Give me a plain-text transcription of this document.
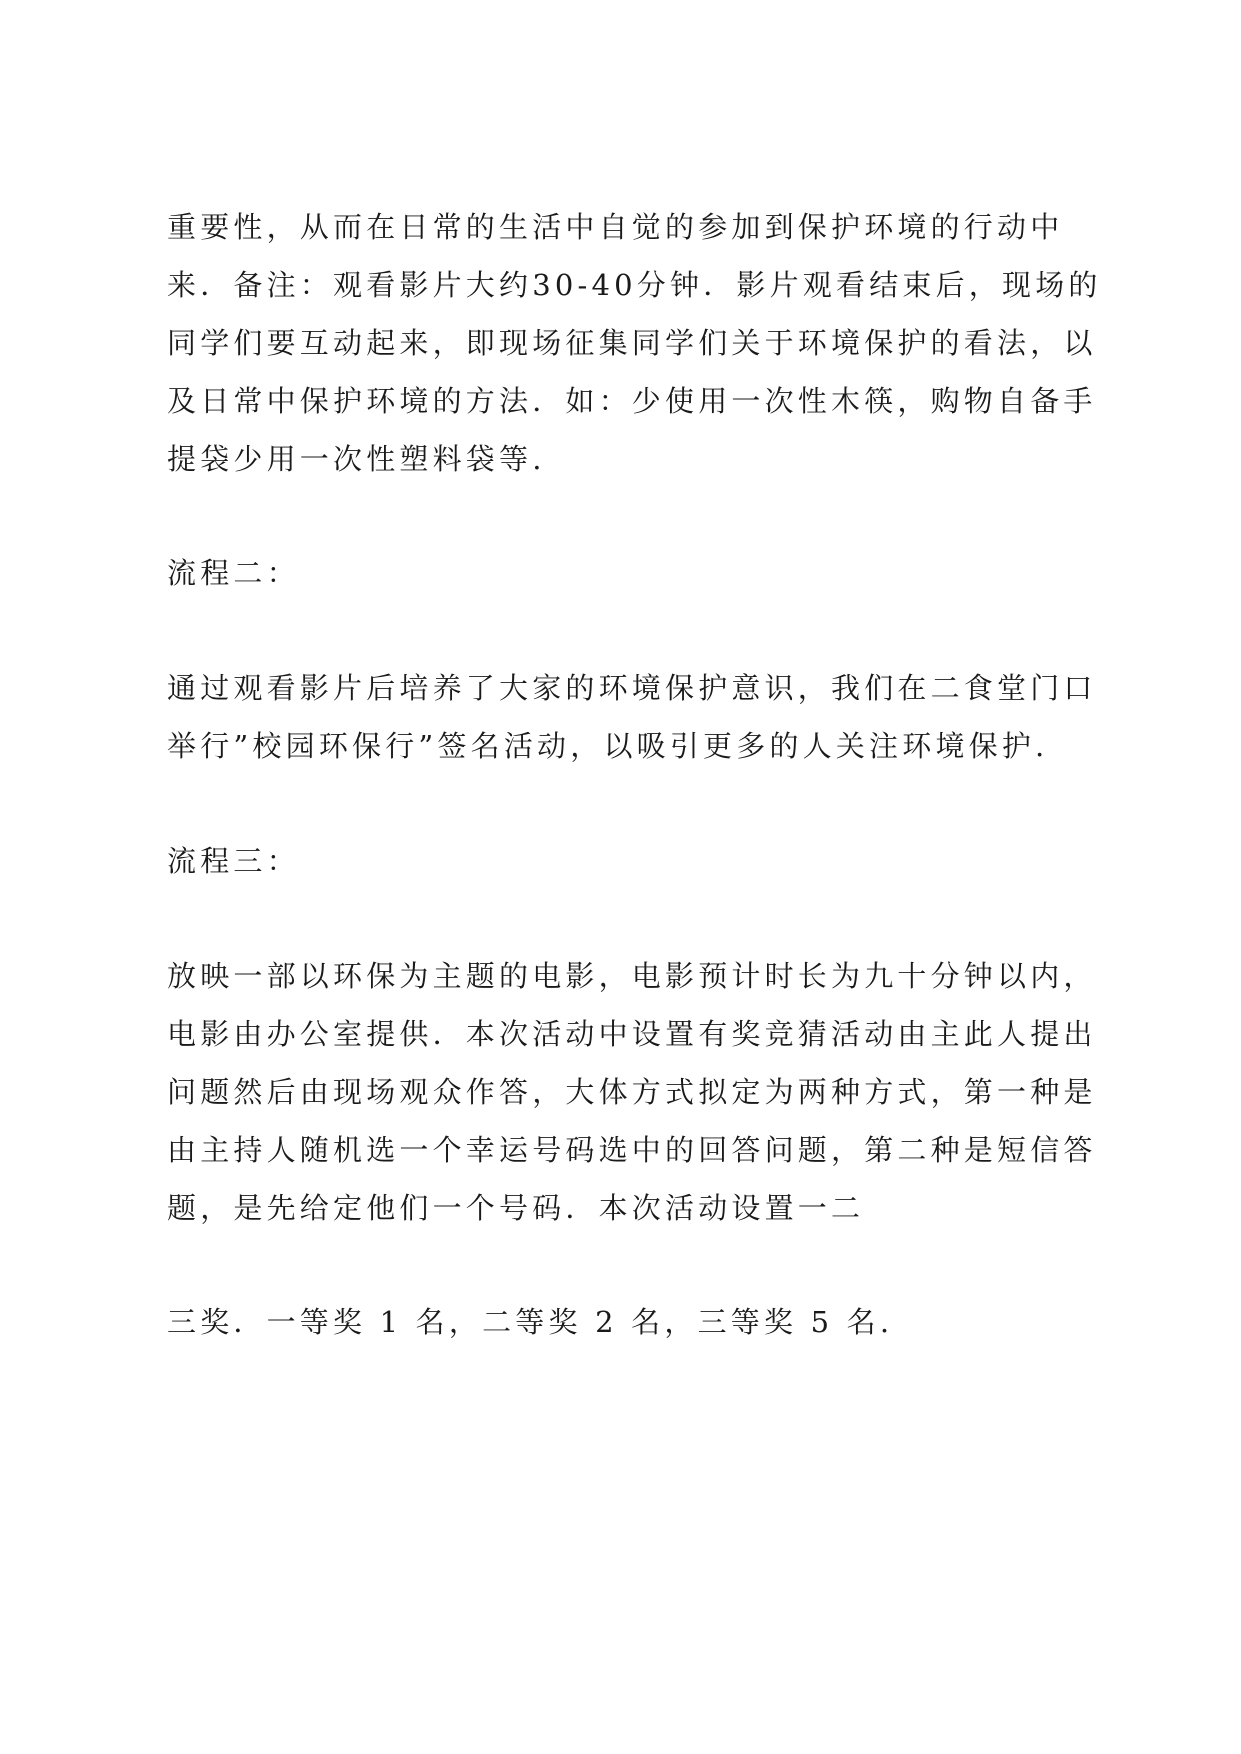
重要性，从而在日常的生活中自觉的参加到保护环境的行动中

来．备注：观看影片大约30-40分钟．影片观看结束后，现场的

同学们要互动起来，即现场征集同学们关于环境保护的看法，以

及日常中保护环境的方法．如：少使用一次性木筷，购物自备手

提袋少用一次性塑料袋等.

流程二：

通过观看影片后培养了大家的环境保护意识，我们在二食堂门口

举行”校园环保行”签名活动，以吸引更多的人关注环境保护.

流程三：

放映一部以环保为主题的电影，电影预计时长为九十分钟以内，

电影由办公室提供．本次活动中设置有奖竞猜活动由主此人提出

问题然后由现场观众作答，大体方式拟定为两种方式，第一种是

由主持人随机选一个幸运号码选中的回答问题，第二种是短信答

题，是先给定他们一个号码．本次活动设置一二

三奖．一等奖 1 名，二等奖 2 名，三等奖 5 名.
